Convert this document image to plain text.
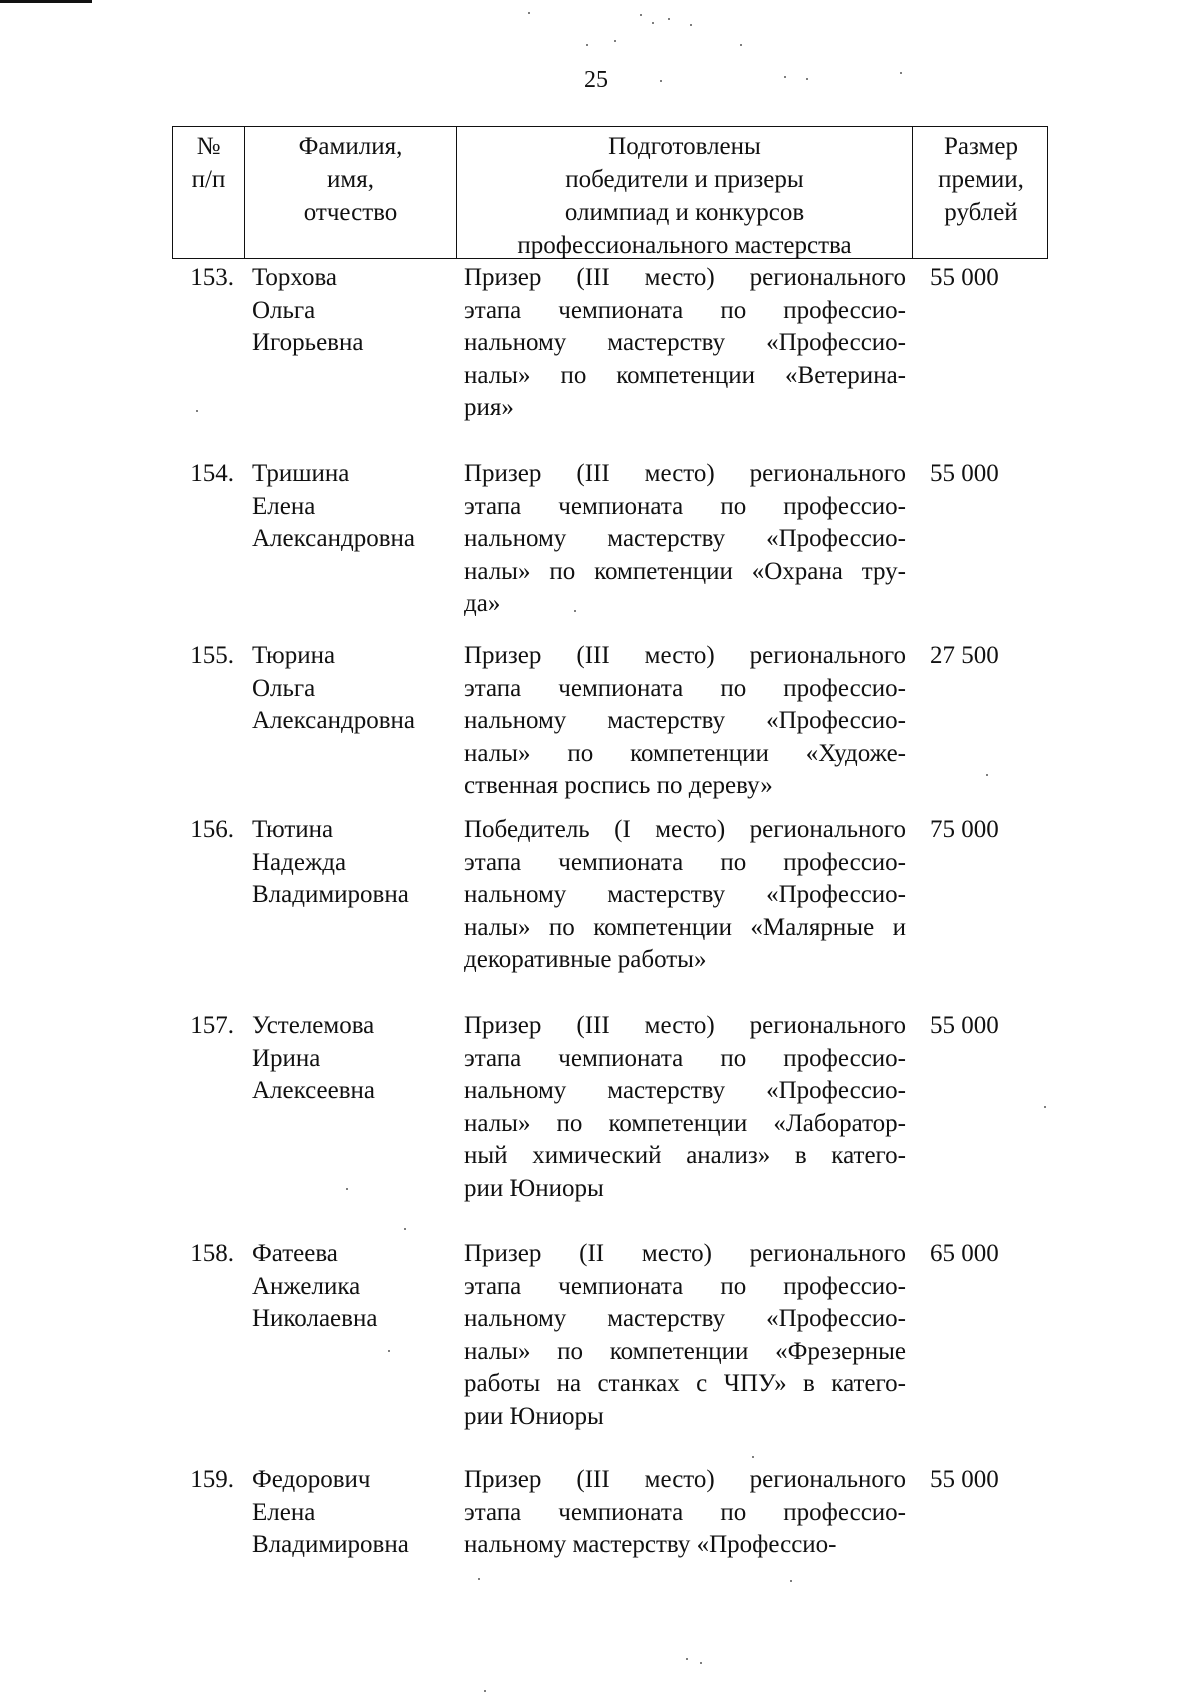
25
№
п/п
Фамилия,
имя,
отчество
Подготовлены
победители и призеры
олимпиад и конкурсов
профессионального мастерства
Размер
премии,
рублей
153. Торхова
Ольга
Игорьевна
Призер (III место) регионального
этапа чемпионата по профессио-
нальному мастерству «Профессио-
налы» по компетенции «Ветерина-
рия»
55 000
154. Тришина
Елена
Александровна
Призер (III место) регионального
этапа чемпионата по профессио-
нальному мастерству «Профессио-
налы» по компетенции «Охрана тру-
да»
55 000
155. Тюрина
Ольга
Александровна
Призер (III место) регионального
этапа чемпионата по профессио-
нальному мастерству «Профессио-
налы» по компетенции «Художе-
ственная роспись по дереву»
27 500
156. Тютина
Надежда
Владимировна
Победитель (I место) регионального
этапа чемпионата по профессио-
нальному мастерству «Профессио-
налы» по компетенции «Малярные и
декоративные работы»
75 000
157. Устелемова
Ирина
Алексеевна
Призер (III место) регионального
этапа чемпионата по профессио-
нальному мастерству «Профессио-
налы» по компетенции «Лаборатор-
ный химический анализ» в катего-
рии Юниоры
55 000
158. Фатеева
Анжелика
Николаевна
Призер (II место) регионального
этапа чемпионата по профессио-
нальному мастерству «Профессио-
налы» по компетенции «Фрезерные
работы на станках с ЧПУ» в катего-
рии Юниоры
65 000
159. Федорович
Елена
Владимировна
Призер (III место) регионального
этапа чемпионата по профессио-
нальному мастерству «Профессио-
55 000
